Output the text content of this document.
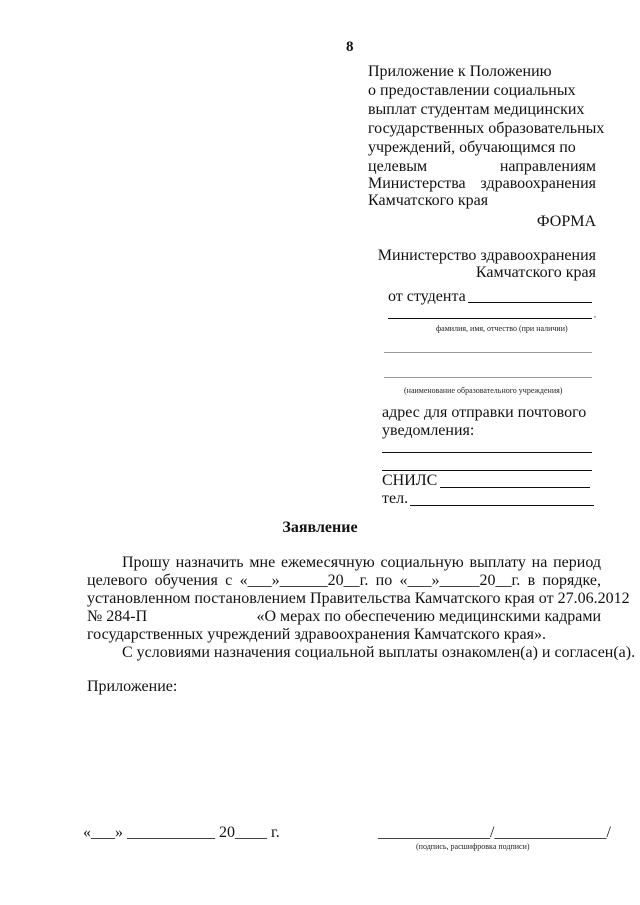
8

Приложение к Положению

о предоставлении социальных

выплат студентам медицинских

государственных образовательных

учреждений, обучающимся по

целевым	направлениям

Министерства здравоохранения

Камчатского края

ФОРМА

Министерство здравоохранения

Камчатского края

от студента

,

фамилия, имя, отчество (при наличии)

(наименование образовательного учреждения)

адрес для отправки почтового

уведомления:

СНИЛС

тел.

Заявление

Прошу назначить мне ежемесячную социальную выплату на период

целевого обучения с «___»______20__г. по «___»_____20__г. в порядке,

установленном постановлением Правительства Камчатского края от 27.06.2012

№ 284-П	«О мерах по обеспечению медицинскими кадрами

государственных учреждений здравоохранения Камчатского края».

С условиями назначения социальной выплаты ознакомлен(а) и согласен(а).

Приложение:

«___» ___________ 20____ г.	______________/______________/

(подпись, расшифровка подписи)
